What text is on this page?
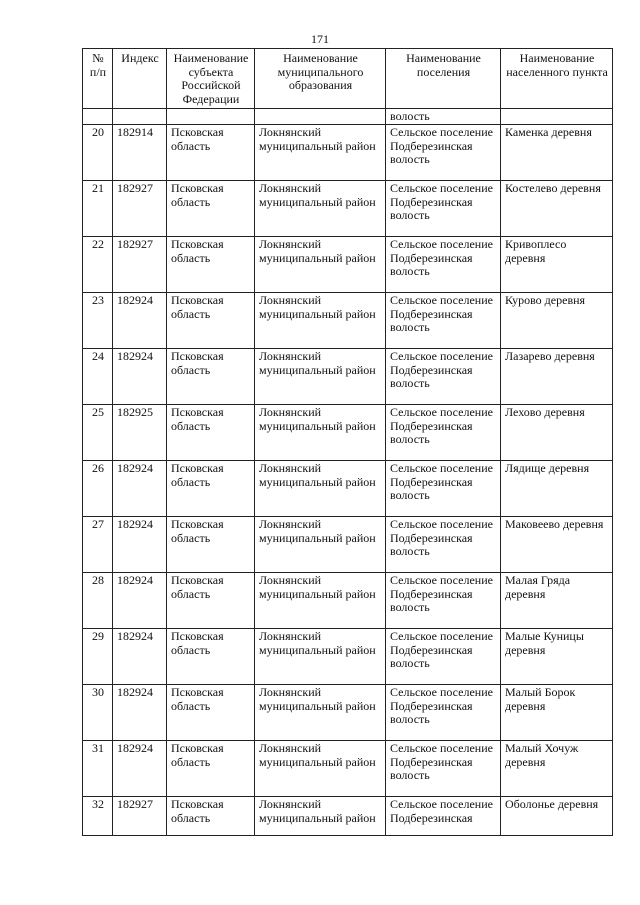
171
№ п/п	Индекс	Наименование субъекта Российской Федерации	Наименование муниципального образования	Наименование поселения	Наименование населенного пункта
				волость	
20	182914	Псковская область	Локнянский муниципальный район	Сельское поселение Подберезинская волость	Каменка деревня
21	182927	Псковская область	Локнянский муниципальный район	Сельское поселение Подберезинская волость	Костелево деревня
22	182927	Псковская область	Локнянский муниципальный район	Сельское поселение Подберезинская волость	Кривоплесо деревня
23	182924	Псковская область	Локнянский муниципальный район	Сельское поселение Подберезинская волость	Курово деревня
24	182924	Псковская область	Локнянский муниципальный район	Сельское поселение Подберезинская волость	Лазарево деревня
25	182925	Псковская область	Локнянский муниципальный район	Сельское поселение Подберезинская волость	Лехово деревня
26	182924	Псковская область	Локнянский муниципальный район	Сельское поселение Подберезинская волость	Лядище деревня
27	182924	Псковская область	Локнянский муниципальный район	Сельское поселение Подберезинская волость	Маковеево деревня
28	182924	Псковская область	Локнянский муниципальный район	Сельское поселение Подберезинская волость	Малая Гряда деревня
29	182924	Псковская область	Локнянский муниципальный район	Сельское поселение Подберезинская волость	Малые Куницы деревня
30	182924	Псковская область	Локнянский муниципальный район	Сельское поселение Подберезинская волость	Малый Борок деревня
31	182924	Псковская область	Локнянский муниципальный район	Сельское поселение Подберезинская волость	Малый Хочуж деревня
32	182927	Псковская область	Локнянский муниципальный район	Сельское поселение Подберезинская	Оболонье деревня
